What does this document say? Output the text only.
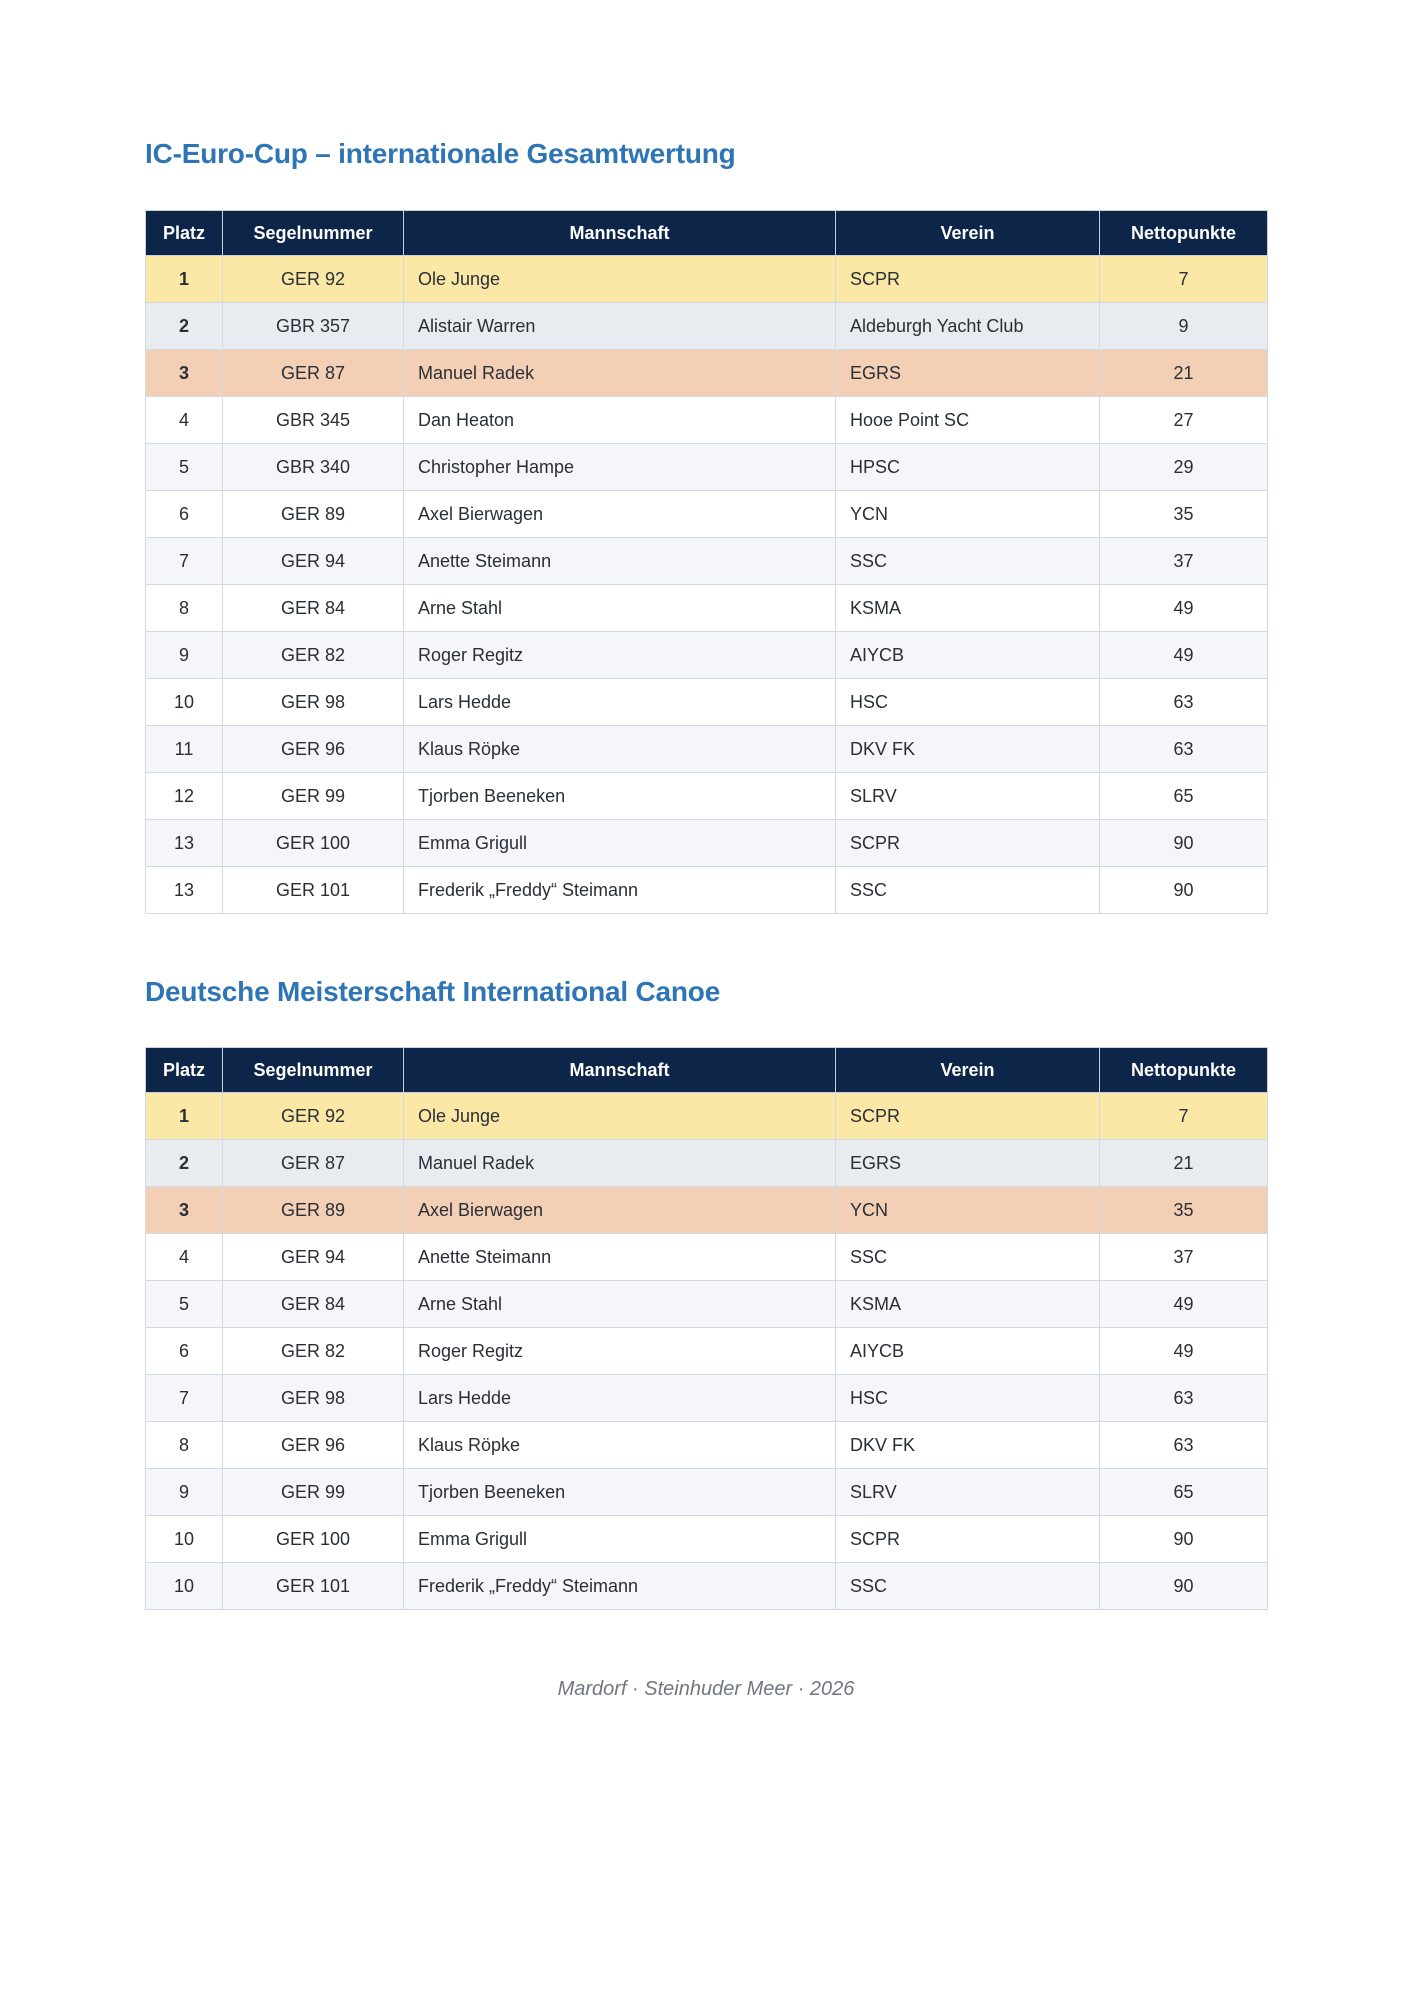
IC-Euro-Cup – internationale Gesamtwertung
Platz	Segelnummer	Mannschaft	Verein	Nettopunkte
1	GER 92	Ole Junge	SCPR	7
2	GBR 357	Alistair Warren	Aldeburgh Yacht Club	9
3	GER 87	Manuel Radek	EGRS	21
4	GBR 345	Dan Heaton	Hooe Point SC	27
5	GBR 340	Christopher Hampe	HPSC	29
6	GER 89	Axel Bierwagen	YCN	35
7	GER 94	Anette Steimann	SSC	37
8	GER 84	Arne Stahl	KSMA	49
9	GER 82	Roger Regitz	AIYCB	49
10	GER 98	Lars Hedde	HSC	63
11	GER 96	Klaus Röpke	DKV FK	63
12	GER 99	Tjorben Beeneken	SLRV	65
13	GER 100	Emma Grigull	SCPR	90
13	GER 101	Frederik „Freddy“ Steimann	SSC	90
Deutsche Meisterschaft International Canoe
Platz	Segelnummer	Mannschaft	Verein	Nettopunkte
1	GER 92	Ole Junge	SCPR	7
2	GER 87	Manuel Radek	EGRS	21
3	GER 89	Axel Bierwagen	YCN	35
4	GER 94	Anette Steimann	SSC	37
5	GER 84	Arne Stahl	KSMA	49
6	GER 82	Roger Regitz	AIYCB	49
7	GER 98	Lars Hedde	HSC	63
8	GER 96	Klaus Röpke	DKV FK	63
9	GER 99	Tjorben Beeneken	SLRV	65
10	GER 100	Emma Grigull	SCPR	90
10	GER 101	Frederik „Freddy“ Steimann	SSC	90
Mardorf · Steinhuder Meer · 2026
